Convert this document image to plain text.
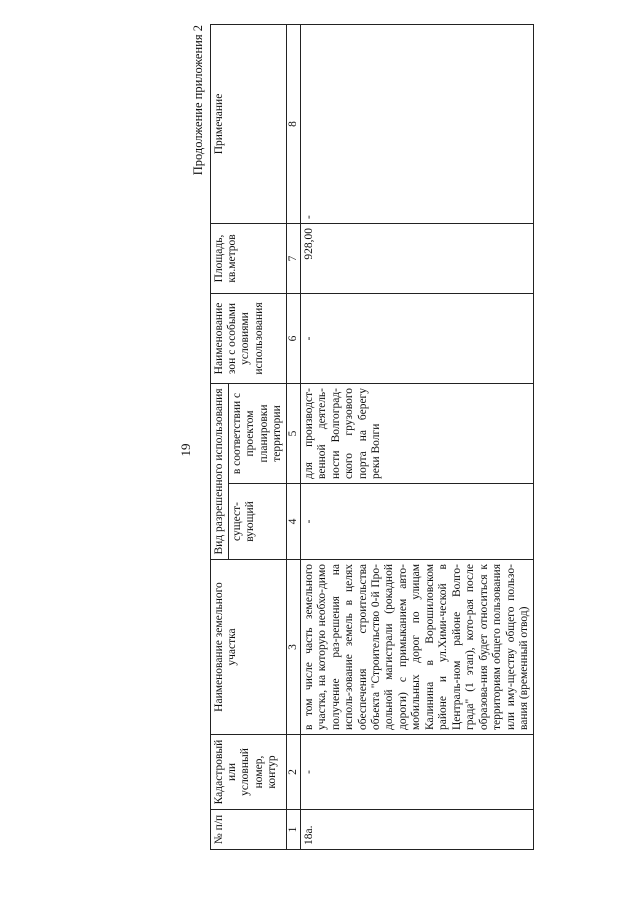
19
Продолжение приложения 2
№ п/п	Кадастровый или условный номер, контур	Наименование земельного участка	Вид разрешенного использования		Наименование зон с особыми условиями использования	Площадь, кв.метров	Примечание
			сущест-вующий	в соответствии с проектом планировки территории			
1	2	3	4	5	6	7	8
18а.	-	в том числе часть земельного участка, на которую необхо-димо получение раз-решения на исполь-зование земель в целях обеспечения строительства объекта "Строительство 0-й Про-дольной магистрали (рокадной дороги) с примыканием авто-мобильных дорог по улицам Калинина в Ворошиловском районе и ул.Хими-ческой в Централь-ном районе Волго-града" (1 этап), кото-рая после образова-ния будет относиться к территориям общего пользования или иму-ществу общего пользо-вания (временный отвод)	-	для производст-венной деятель-ности Волгоград-ского грузового порта на берегу реки Волги	-	928,00	-
